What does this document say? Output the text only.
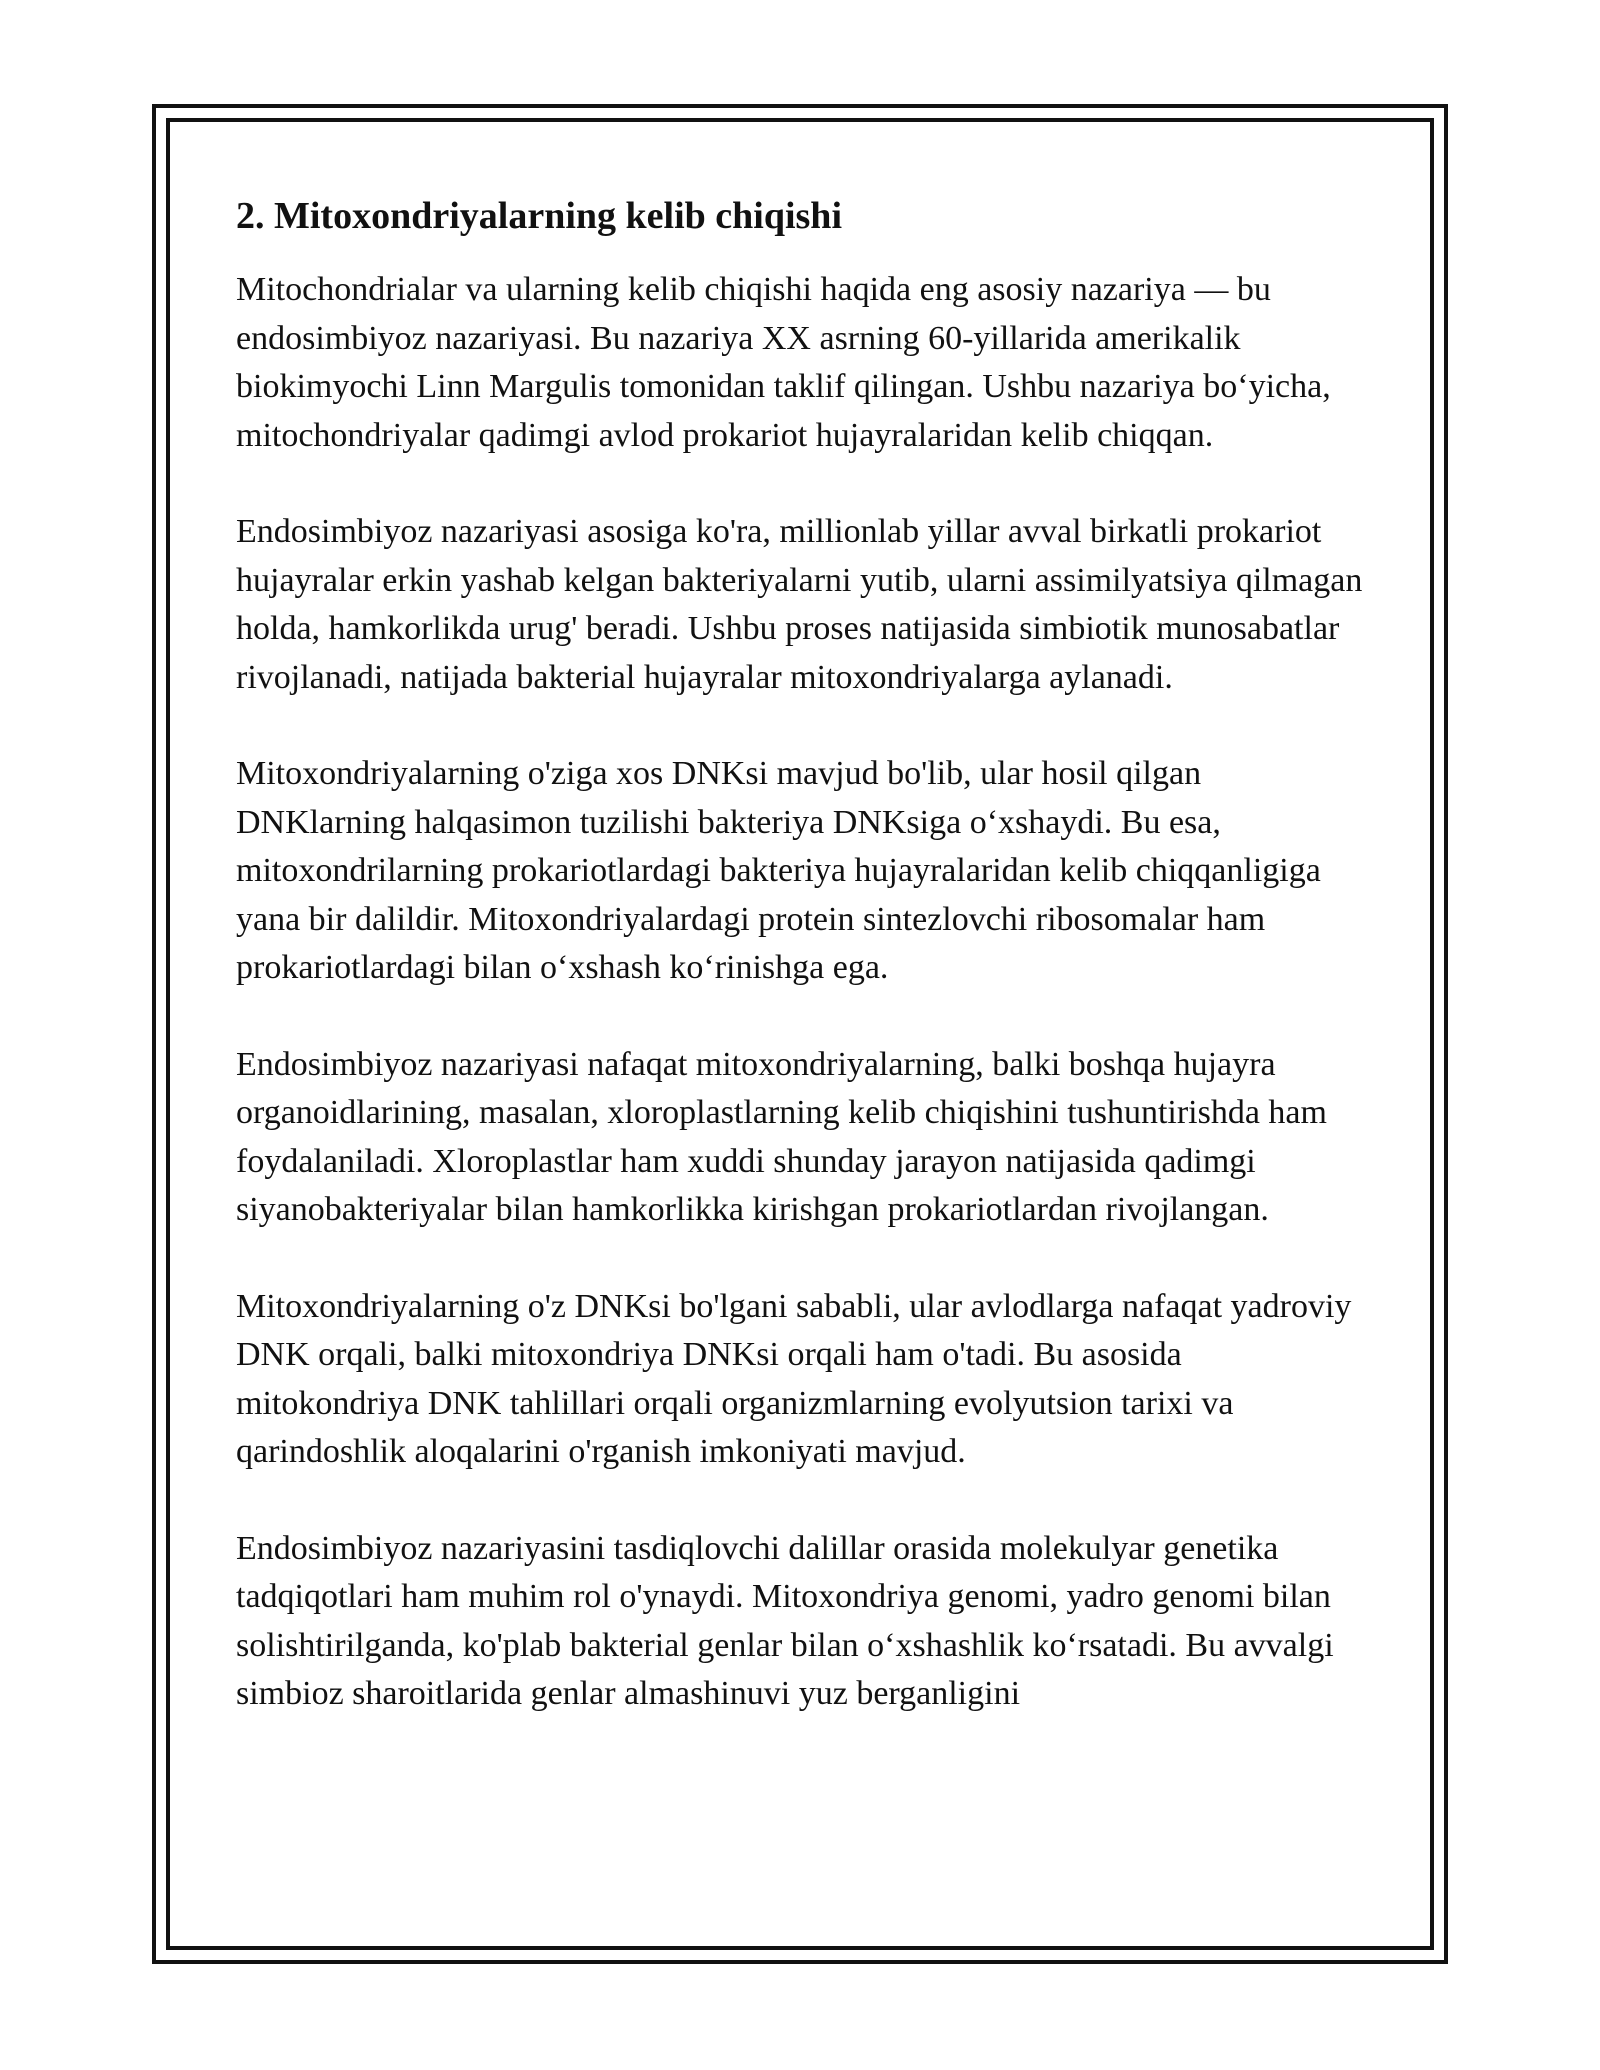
2. Mitoxondriyalarning kelib chiqishi

Mitochondrialar va ularning kelib chiqishi haqida eng asosiy nazariya — bu endosimbiyoz nazariyasi. Bu nazariya XX asrning 60-yillarida amerikalik biokimyochi Linn Margulis tomonidan taklif qilingan. Ushbu nazariya bo‘yicha, mitochondriyalar qadimgi avlod prokariot hujayralaridan kelib chiqqan.

Endosimbiyoz nazariyasi asosiga ko'ra, millionlab yillar avval birkatli prokariot hujayralar erkin yashab kelgan bakteriyalarni yutib, ularni assimilyatsiya qilmagan holda, hamkorlikda urug' beradi. Ushbu proses natijasida simbiotik munosabatlar rivojlanadi, natijada bakterial hujayralar mitoxondriyalarga aylanadi.

Mitoxondriyalarning o'ziga xos DNKsi mavjud bo'lib, ular hosil qilgan DNKlarning halqasimon tuzilishi bakteriya DNKsiga o‘xshaydi. Bu esa, mitoxondrilarning prokariotlardagi bakteriya hujayralaridan kelib chiqqanligiga yana bir dalildir. Mitoxondriyalardagi protein sintezlovchi ribosomalar ham prokariotlardagi bilan o‘xshash ko‘rinishga ega.

Endosimbiyoz nazariyasi nafaqat mitoxondriyalarning, balki boshqa hujayra organoidlarining, masalan, xloroplastlarning kelib chiqishini tushuntirishda ham foydalaniladi. Xloroplastlar ham xuddi shunday jarayon natijasida qadimgi siyanobakteriyalar bilan hamkorlikka kirishgan prokariotlardan rivojlangan.

Mitoxondriyalarning o'z DNKsi bo'lgani sababli, ular avlodlarga nafaqat yadroviy DNK orqali, balki mitoxondriya DNKsi orqali ham o'tadi. Bu asosida mitokondriya DNK tahlillari orqali organizmlarning evolyutsion tarixi va qarindoshlik aloqalarini o'rganish imkoniyati mavjud.

Endosimbiyoz nazariyasini tasdiqlovchi dalillar orasida molekulyar genetika tadqiqotlari ham muhim rol o'ynaydi. Mitoxondriya genomi, yadro genomi bilan solishtirilganda, ko'plab bakterial genlar bilan o‘xshashlik ko‘rsatadi. Bu avvalgi simbioz sharoitlarida genlar almashinuvi yuz berganligini
